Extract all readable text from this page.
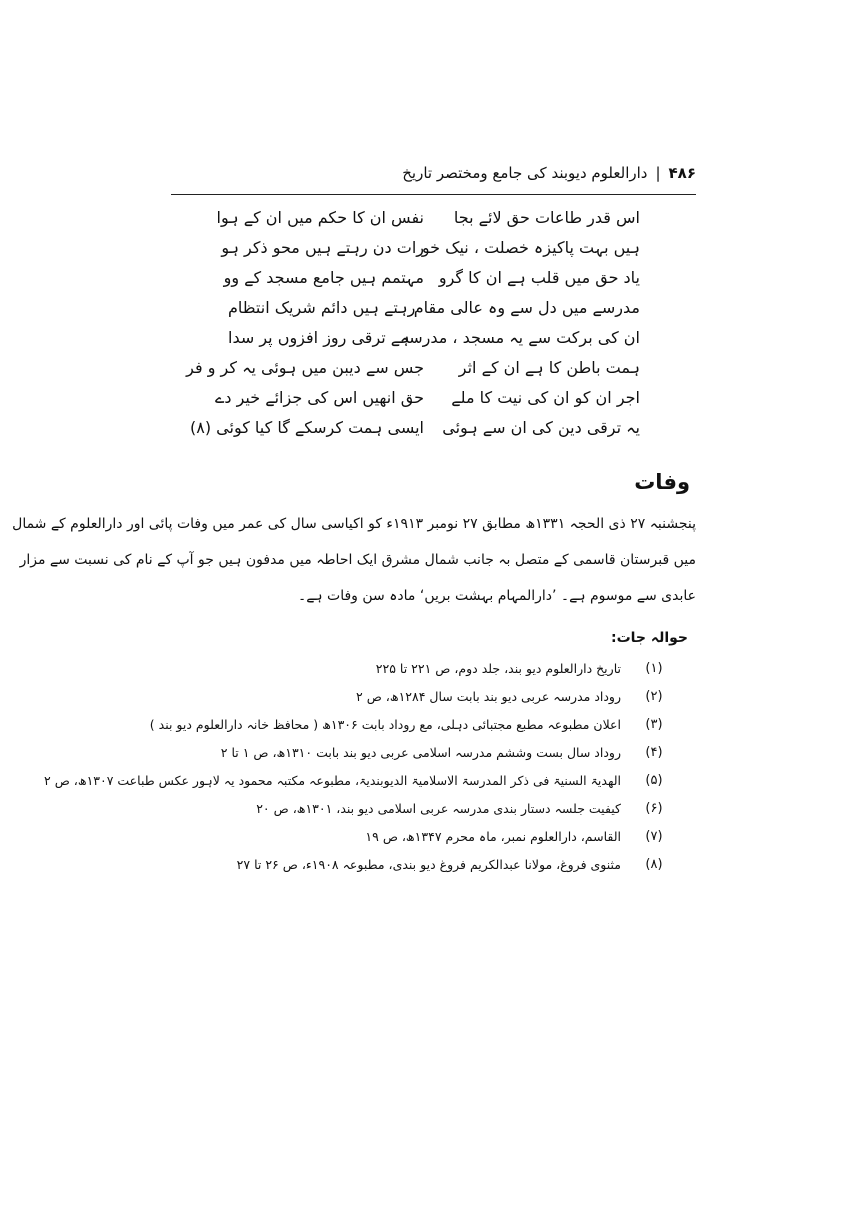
۴۸۶
|
دارالعلوم دیوبند کی جامع ومختصر تاریخ
اس قدر طاعات حق لائے بجا
نفس ان کا حکم میں ان کے ہوا
ہیں بہت پاکیزہ خصلت ، نیک خو
رات دن رہتے ہیں محو ذکر ہو
یاد حق میں قلب ہے ان کا گرو
مہتمم ہیں جامع مسجد کے وو
مدرسے میں دل سے وہ عالی مقام
رہتے ہیں دائم شریک انتظام
ان کی برکت سے یہ مسجد ، مدرسہ
ہے ترقی روز افزوں پر سدا
ہمت باطن کا ہے ان کے اثر
جس سے دیبن میں ہوئی یہ کر و فر
اجر ان کو ان کی نیت کا ملے
حق انھیں اس کی جزائے خیر دے
یہ ترقی دین کی ان سے ہوئی
ایسی ہمت کرسکے گا کیا کوئی (۸)
وفات
پنجشنبہ ۲۷ ذی الحجہ ۱۳۳۱ھ مطابق ۲۷ نومبر ۱۹۱۳ء کو اکیاسی سال کی عمر میں وفات پائی اور دارالعلوم کے شمال
میں قبرستان قاسمی کے متصل بہ جانب شمال مشرق ایک احاطہ میں مدفون ہیں جو آپ کے نام کی نسبت سے مزار
عابدی سے موسوم ہے۔ ’دارالمہام بہشت بریں‘ مادہ سن وفات ہے۔
حوالہ جات:
(۱)
تاریخ دارالعلوم دیو بند، جلد دوم، ص ۲۲۱ تا ۲۲۵
(۲)
روداد مدرسہ عربی دیو بند بابت سال ۱۲۸۴ھ، ص ۲
(۳)
اعلان مطبوعہ مطبع مجتبائی دہلی، مع روداد بابت ۱۳۰۶ھ ( محافظ خانہ دارالعلوم دیو بند )
(۴)
روداد سال بست وششم مدرسہ اسلامی عربی دیو بند بابت ۱۳۱۰ھ، ص ۱ تا ۲
(۵)
الھدیۃ السنیۃ فی ذکر المدرسۃ الاسلامیۃ الدیوبندیۃ، مطبوعہ مکتبہ محمود یہ لاہور عکس طباعت ۱۳۰۷ھ، ص ۲
(۶)
کیفیت جلسہ دستار بندی مدرسہ عربی اسلامی دیو بند، ۱۳۰۱ھ، ص ۲۰
(۷)
القاسم، دارالعلوم نمبر، ماہ محرم ۱۳۴۷ھ، ص ۱۹
(۸)
مثنوی فروغ، مولانا عبدالکریم فروغ دیو بندی، مطبوعہ ۱۹۰۸ء، ص ۲۶ تا ۲۷
